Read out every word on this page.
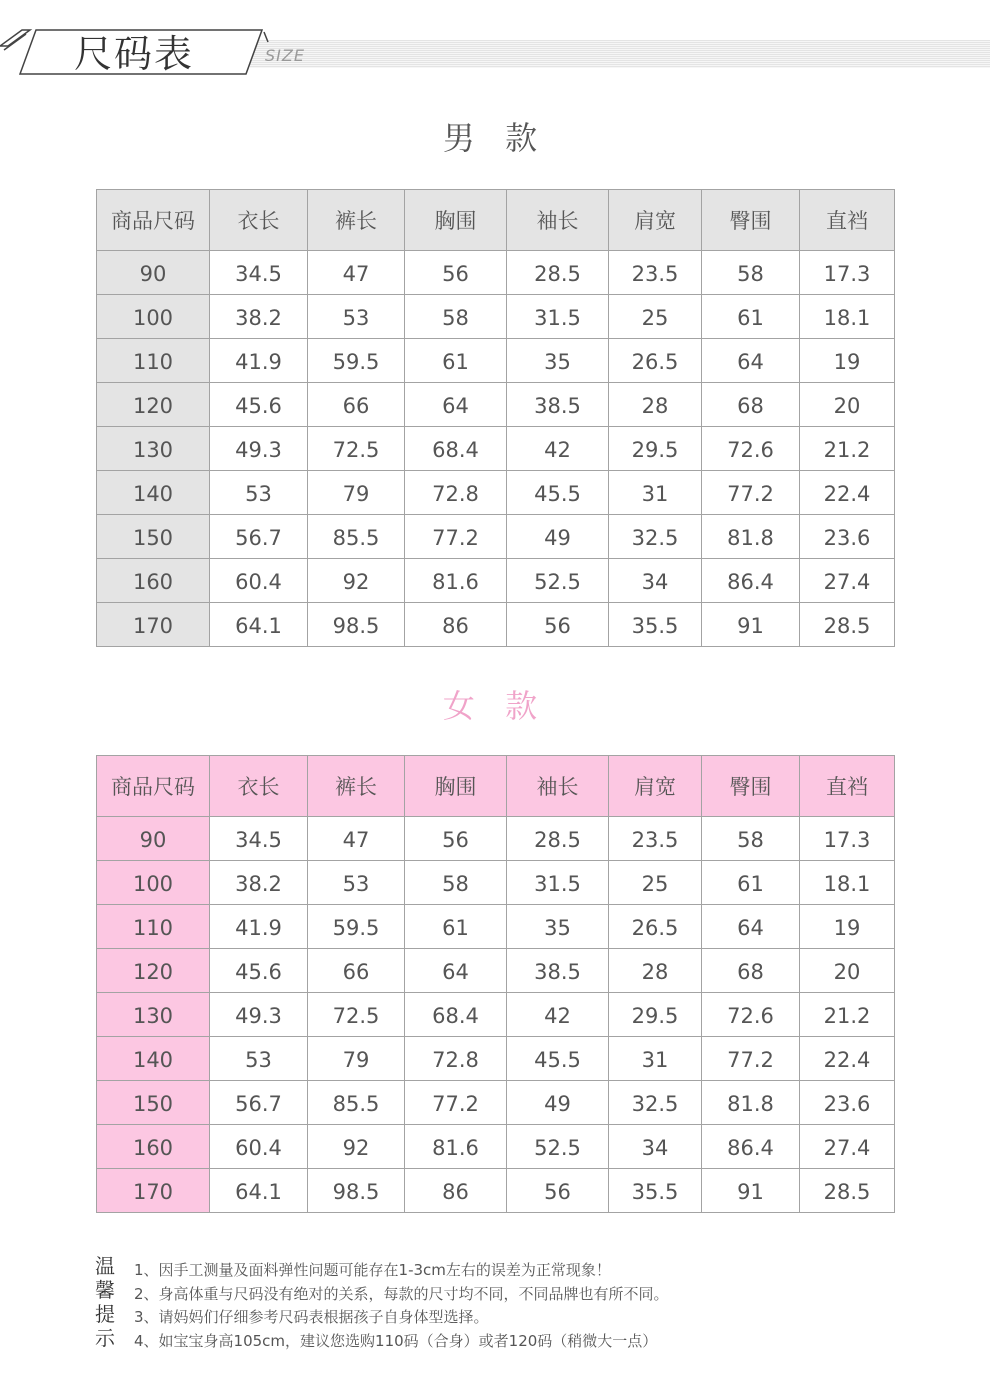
尺码表	SIZE
男 款
商品尺码	衣长	裤长	胸围	袖长	肩宽	臀围	直裆
90	34.5	47	56	28.5	23.5	58	17.3
100	38.2	53	58	31.5	25	61	18.1
110	41.9	59.5	61	35	26.5	64	19
120	45.6	66	64	38.5	28	68	20
130	49.3	72.5	68.4	42	29.5	72.6	21.2
140	53	79	72.8	45.5	31	77.2	22.4
150	56.7	85.5	77.2	49	32.5	81.8	23.6
160	60.4	92	81.6	52.5	34	86.4	27.4
170	64.1	98.5	86	56	35.5	91	28.5
女 款
商品尺码	衣长	裤长	胸围	袖长	肩宽	臀围	直裆
90	34.5	47	56	28.5	23.5	58	17.3
100	38.2	53	58	31.5	25	61	18.1
110	41.9	59.5	61	35	26.5	64	19
120	45.6	66	64	38.5	28	68	20
130	49.3	72.5	68.4	42	29.5	72.6	21.2
140	53	79	72.8	45.5	31	77.2	22.4
150	56.7	85.5	77.2	49	32.5	81.8	23.6
160	60.4	92	81.6	52.5	34	86.4	27.4
170	64.1	98.5	86	56	35.5	91	28.5
温
馨
提
示
1、因手工测量及面料弹性问题可能存在1-3cm左右的误差为正常现象！
2、身高体重与尺码没有绝对的关系，每款的尺寸均不同，不同品牌也有所不同。
3、请妈妈们仔细参考尺码表根据孩子自身体型选择。
4、如宝宝身高105cm，建议您选购110码（合身）或者120码（稍微大一点）
